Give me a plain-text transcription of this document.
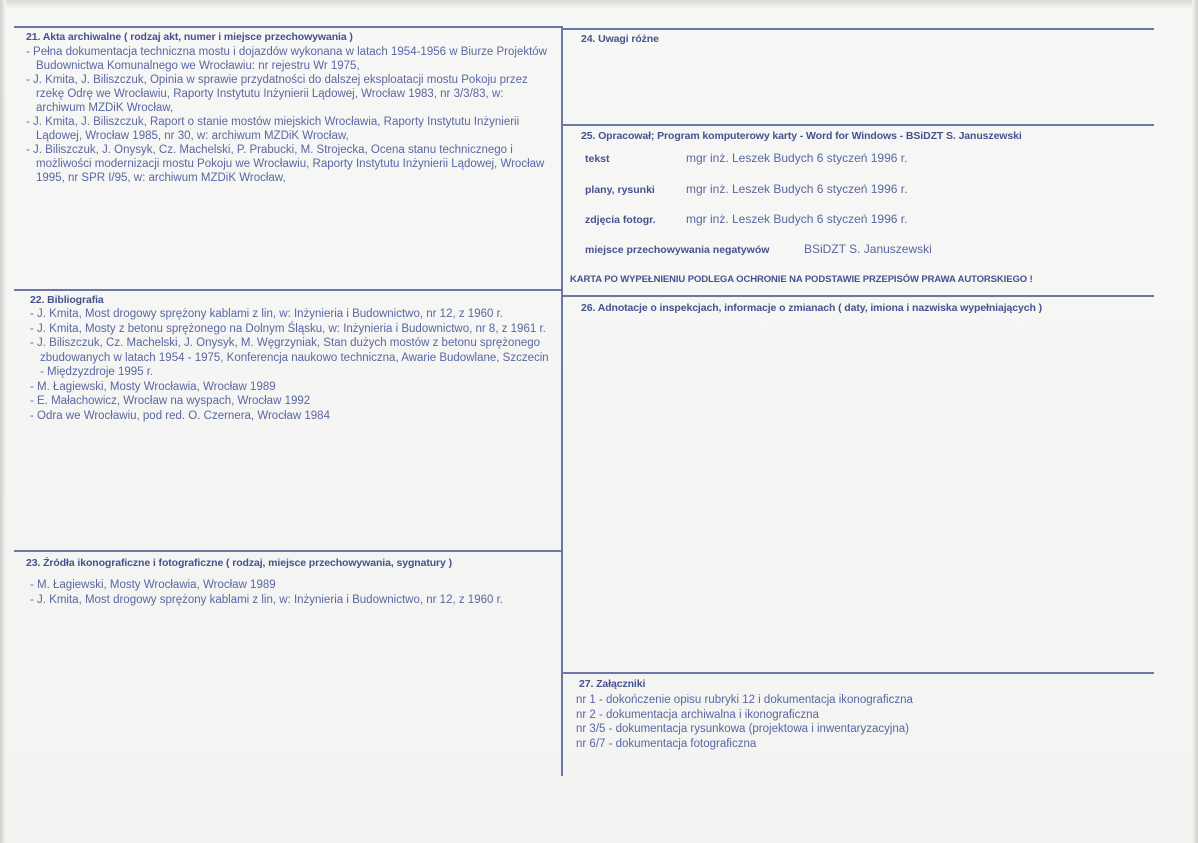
21. Akta archiwalne ( rodzaj akt, numer i miejsce przechowywania )
- Pełna dokumentacja techniczna mostu i dojazdów wykonana w latach 1954-1956 w Biurze Projektów Budownictwa Komunalnego we Wrocławiu: nr rejestru Wr 1975,
- J. Kmita, J. Biliszczuk, Opinia w sprawie przydatności do dalszej eksploatacji mostu Pokoju przez rzekę Odrę we Wrocławiu, Raporty Instytutu Inżynierii Lądowej, Wrocław 1983, nr 3/3/83, w: archiwum MZDiK Wrocław,
- J. Kmita, J. Biliszczuk, Raport o stanie mostów miejskich Wrocławia, Raporty Instytutu Inżynierii Lądowej, Wrocław 1985, nr 30, w: archiwum MZDiK Wrocław,
- J. Biliszczuk, J. Onysyk, Cz. Machelski, P. Prabucki, M. Strojecka, Ocena stanu technicznego i możliwości modernizacji mostu Pokoju we Wrocławiu, Raporty Instytutu Inżynierii Lądowej, Wrocław 1995, nr SPR I/95, w: archiwum MZDiK Wrocław,
22. Bibliografia
- J. Kmita, Most drogowy sprężony kablami z lin, w: Inżynieria i Budownictwo, nr 12, z 1960 r.
- J. Kmita, Mosty z betonu sprężonego na Dolnym Śląsku, w: Inżynieria i Budownictwo, nr 8, z 1961 r.
- J. Biliszczuk, Cz. Machelski, J. Onysyk, M. Węgrzyniak, Stan dużych mostów z betonu sprężonego zbudowanych w latach 1954 - 1975, Konferencja naukowo techniczna, Awarie Budowlane, Szczecin - Międzyzdroje 1995 r.
- M. Łagiewski, Mosty Wrocławia, Wrocław 1989
- E. Małachowicz, Wrocław na wyspach, Wrocław 1992
- Odra we Wrocławiu, pod red. O. Czernera, Wrocław 1984
23. Źródła ikonograficzne i fotograficzne ( rodzaj, miejsce przechowywania, sygnatury )
- M. Łagiewski, Mosty Wrocławia, Wrocław 1989
- J. Kmita, Most drogowy sprężony kablami z lin, w: Inżynieria i Budownictwo, nr 12, z 1960 r.
24. Uwagi różne
25. Opracował; Program komputerowy karty - Word for Windows - BSiDZT S. Januszewski
tekst	mgr inż. Leszek Budych 6 styczeń 1996 r.
plany, rysunki	mgr inż. Leszek Budych 6 styczeń 1996 r.
zdjęcia fotogr.	mgr inż. Leszek Budych 6 styczeń 1996 r.
miejsce przechowywania negatywów	BSiDZT S. Januszewski
KARTA PO WYPEŁNIENIU PODLEGA OCHRONIE NA PODSTAWIE PRZEPISÓW PRAWA AUTORSKIEGO !
26. Adnotacje o inspekcjach, informacje o zmianach ( daty, imiona i nazwiska wypełniających )
27. Załączniki
nr 1 - dokończenie opisu rubryki 12 i dokumentacja ikonograficzna
nr 2 - dokumentacja archiwalna i ikonograficzna
nr 3/5 - dokumentacja rysunkowa (projektowa i inwentaryzacyjna)
nr 6/7 - dokumentacja fotograficzna
